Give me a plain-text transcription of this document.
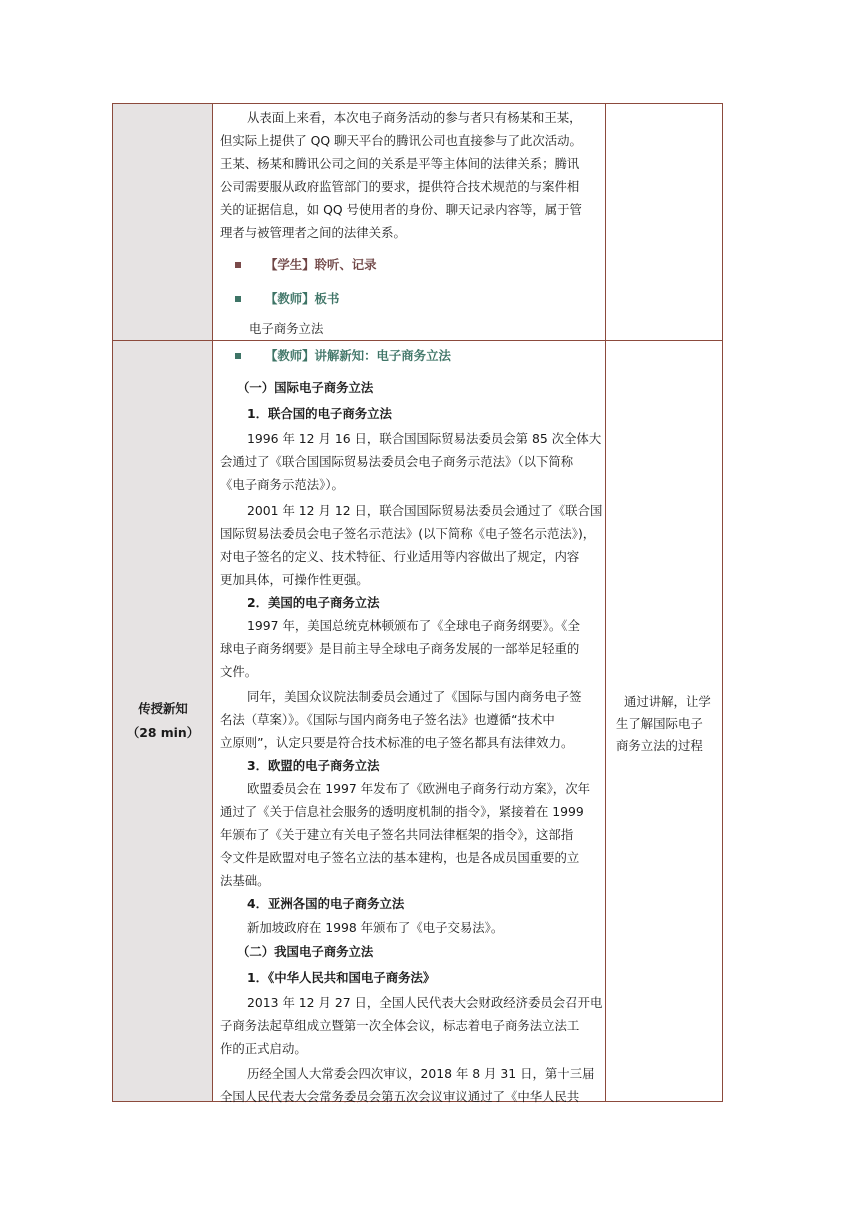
从表面上来看，本次电子商务活动的参与者只有杨某和王某，
但实际上提供了 QQ 聊天平台的腾讯公司也直接参与了此次活动。
王某、杨某和腾讯公司之间的关系是平等主体间的法律关系；腾讯
公司需要服从政府监管部门的要求，提供符合技术规范的与案件相
关的证据信息，如 QQ 号使用者的身份、聊天记录内容等，属于管
理者与被管理者之间的法律关系。
【学生】聆听、记录
【教师】板书
电子商务立法
传授新知
（28 min）
【教师】讲解新知：电子商务立法
（一）国际电子商务立法
1．联合国的电子商务立法
1996 年 12 月 16 日，联合国国际贸易法委员会第 85 次全体大
会通过了《联合国国际贸易法委员会电子商务示范法》（以下简称
《电子商务示范法》）。
2001 年 12 月 12 日，联合国国际贸易法委员会通过了《联合国
国际贸易法委员会电子签名示范法》(以下简称《电子签名示范法》)，
对电子签名的定义、技术特征、行业适用等内容做出了规定，内容
更加具体，可操作性更强。
2．美国的电子商务立法
1997 年，美国总统克林顿颁布了《全球电子商务纲要》。《全
球电子商务纲要》是目前主导全球电子商务发展的一部举足轻重的
文件。
同年，美国众议院法制委员会通过了《国际与国内商务电子签
名法（草案）》。《国际与国内商务电子签名法》也遵循“技术中
立原则”，认定只要是符合技术标准的电子签名都具有法律效力。
3．欧盟的电子商务立法
欧盟委员会在 1997 年发布了《欧洲电子商务行动方案》，次年
通过了《关于信息社会服务的透明度机制的指令》，紧接着在 1999
年颁布了《关于建立有关电子签名共同法律框架的指令》，这部指
令文件是欧盟对电子签名立法的基本建构，也是各成员国重要的立
法基础。
4．亚洲各国的电子商务立法
新加坡政府在 1998 年颁布了《电子交易法》。
（二）我国电子商务立法
1．《中华人民共和国电子商务法》
2013 年 12 月 27 日，全国人民代表大会财政经济委员会召开电
子商务法起草组成立暨第一次全体会议，标志着电子商务法立法工
作的正式启动。
历经全国人大常委会四次审议，2018 年 8 月 31 日，第十三届
全国人民代表大会常务委员会第五次会议审议通过了《中华人民共
通过讲解，让学
生了解国际电子
商务立法的过程
